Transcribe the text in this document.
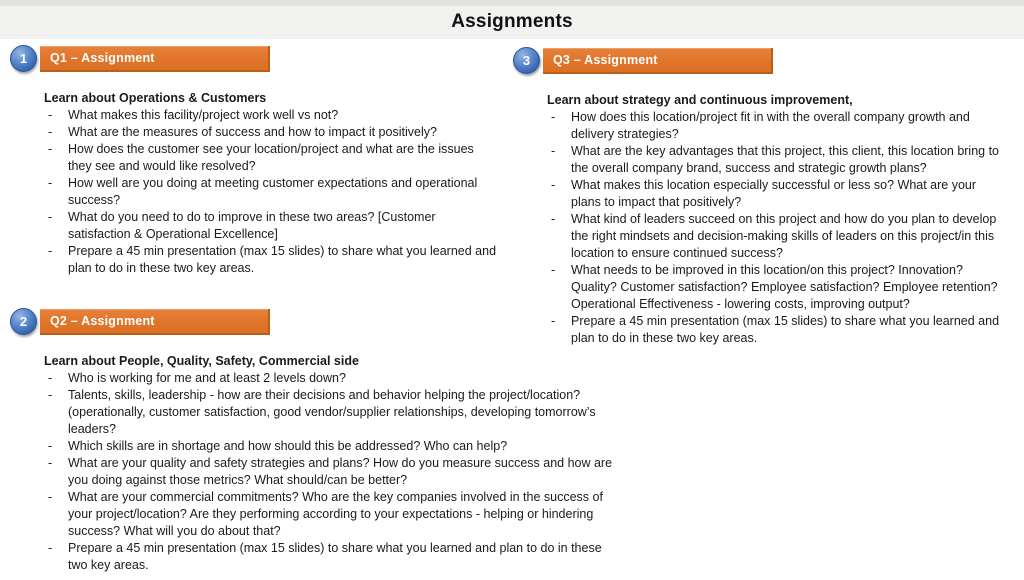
Assignments
1	Q1 – Assignment
Learn about Operations & Customers
-	What makes this facility/project work well vs not?
-	What are the measures of success and how to impact it positively?
-	How does the customer see your location/project and what are the issues they see and would like resolved?
-	How well are you doing at meeting customer expectations and operational success?
-	What do you need to do to improve in these two areas? [Customer satisfaction & Operational Excellence]
-	Prepare a 45 min presentation (max 15 slides) to share what you learned and plan to do in these two key areas.
2	Q2 – Assignment
Learn about People, Quality, Safety, Commercial side
-	Who is working for me and at least 2 levels down?
-	Talents, skills, leadership - how are their decisions and behavior helping the project/location? (operationally, customer satisfaction, good vendor/supplier relationships, developing tomorrow’s leaders?
-	Which skills are in shortage and how should this be addressed? Who can help?
-	What are your quality and safety strategies and plans? How do you measure success and how are you doing against those metrics? What should/can be better?
-	What are your commercial commitments? Who are the key companies involved in the success of your project/location? Are they performing according to your expectations - helping or hindering success? What will you do about that?
-	Prepare a 45 min presentation (max 15 slides) to share what you learned and plan to do in these two key areas.
3	Q3 – Assignment
Learn about strategy and continuous improvement,
-	How does this location/project fit in with the overall company growth and delivery strategies?
-	What are the key advantages that this project, this client, this location bring to the overall company brand, success and strategic growth plans?
-	What makes this location especially successful or less so? What are your plans to impact that positively?
-	What kind of leaders succeed on this project and how do you plan to develop the right mindsets and decision-making skills of leaders on this project/in this location to ensure continued success?
-	What needs to be improved in this location/on this project? Innovation? Quality? Customer satisfaction? Employee satisfaction? Employee retention? Operational Effectiveness - lowering costs, improving output?
-	Prepare a 45 min presentation (max 15 slides) to share what you learned and plan to do in these two key areas.
